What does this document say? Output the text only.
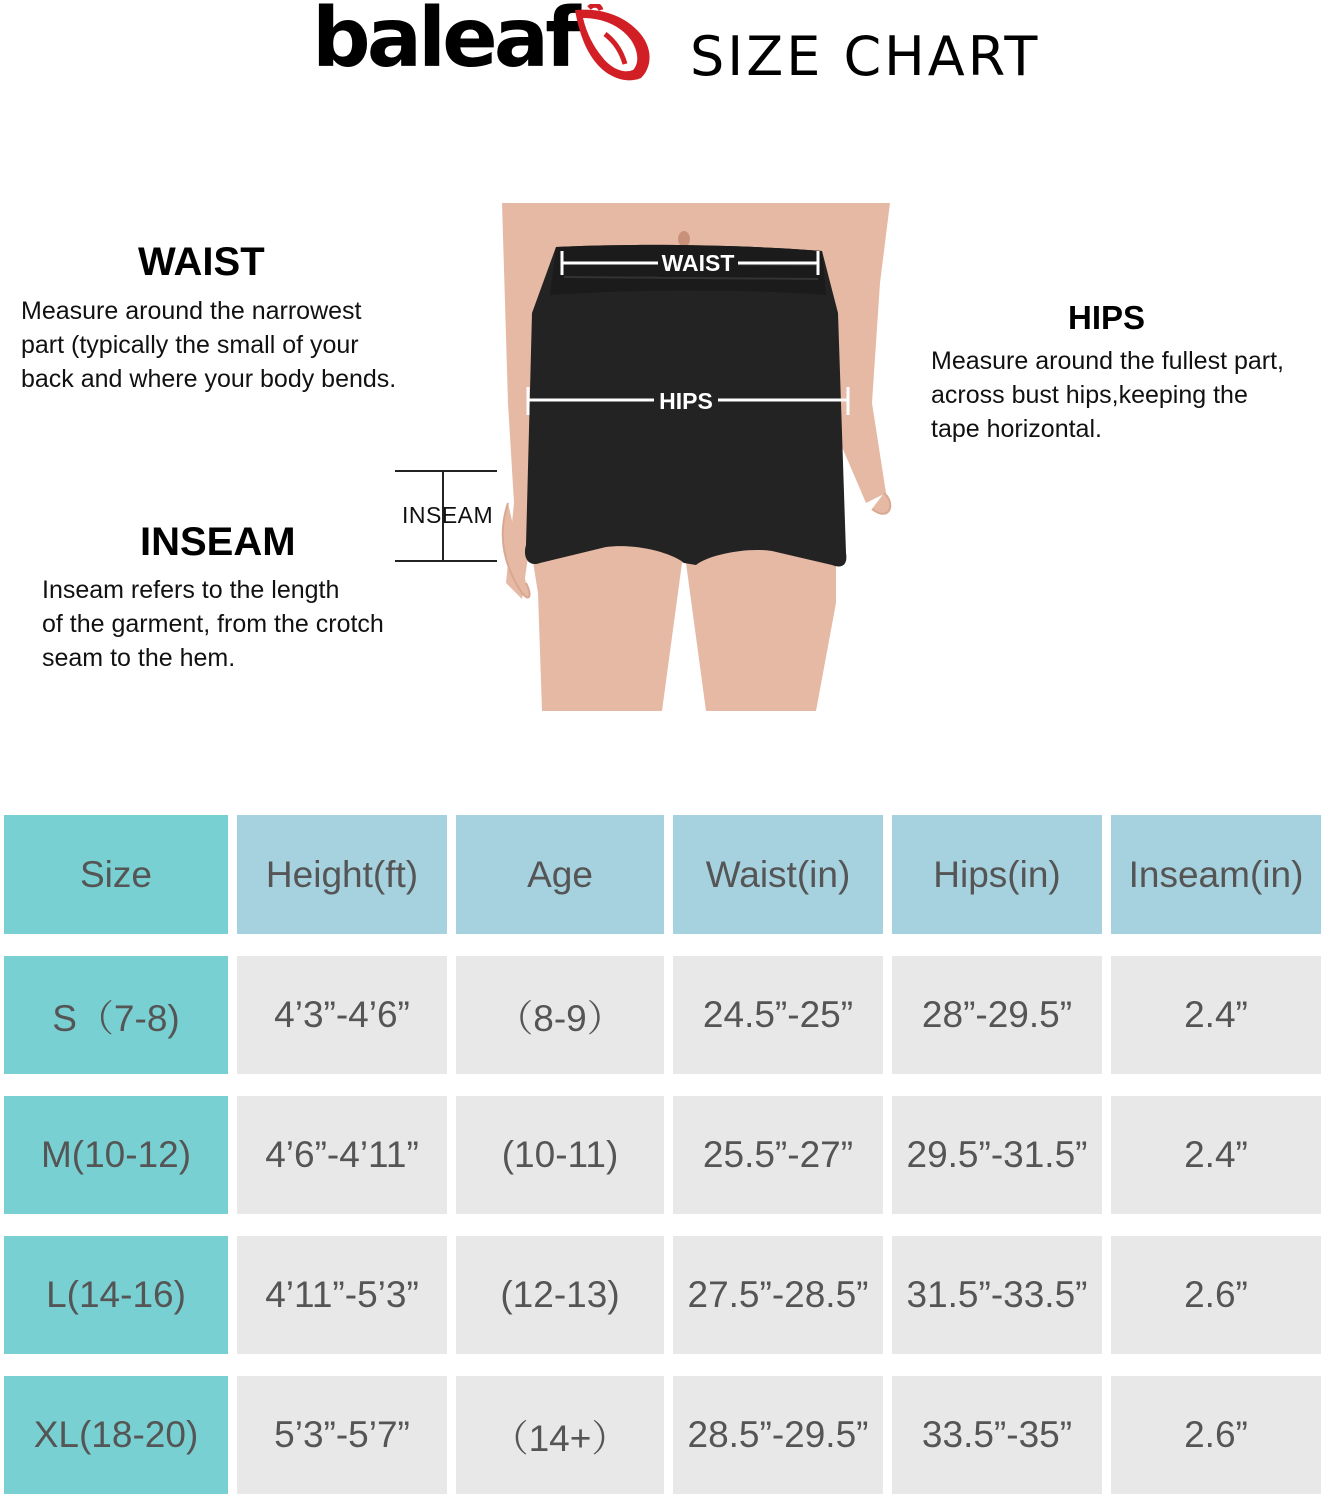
baleaf SIZE CHART
WAIST
Measure around the narrowest
part (typically the small of your
back and where your body bends.
INSEAM
Inseam refers to the length
of the garment, from the crotch
seam to the hem.
HIPS
Measure around the fullest part,
across bust hips,keeping the
tape horizontal.
WAIST
HIPS
INSEAM
Size	Height(ft)	Age	Waist(in)	Hips(in)	Inseam(in)
S（7-8)	4’3”-4’6”	（8-9）	24.5”-25”	28”-29.5”	2.4”
M(10-12)	4’6”-4’11”	(10-11)	25.5”-27”	29.5”-31.5”	2.4”
L(14-16)	4’11”-5’3”	(12-13)	27.5”-28.5”	31.5”-33.5”	2.6”
XL(18-20)	5’3”-5’7”	（14+）	28.5”-29.5”	33.5”-35”	2.6”
